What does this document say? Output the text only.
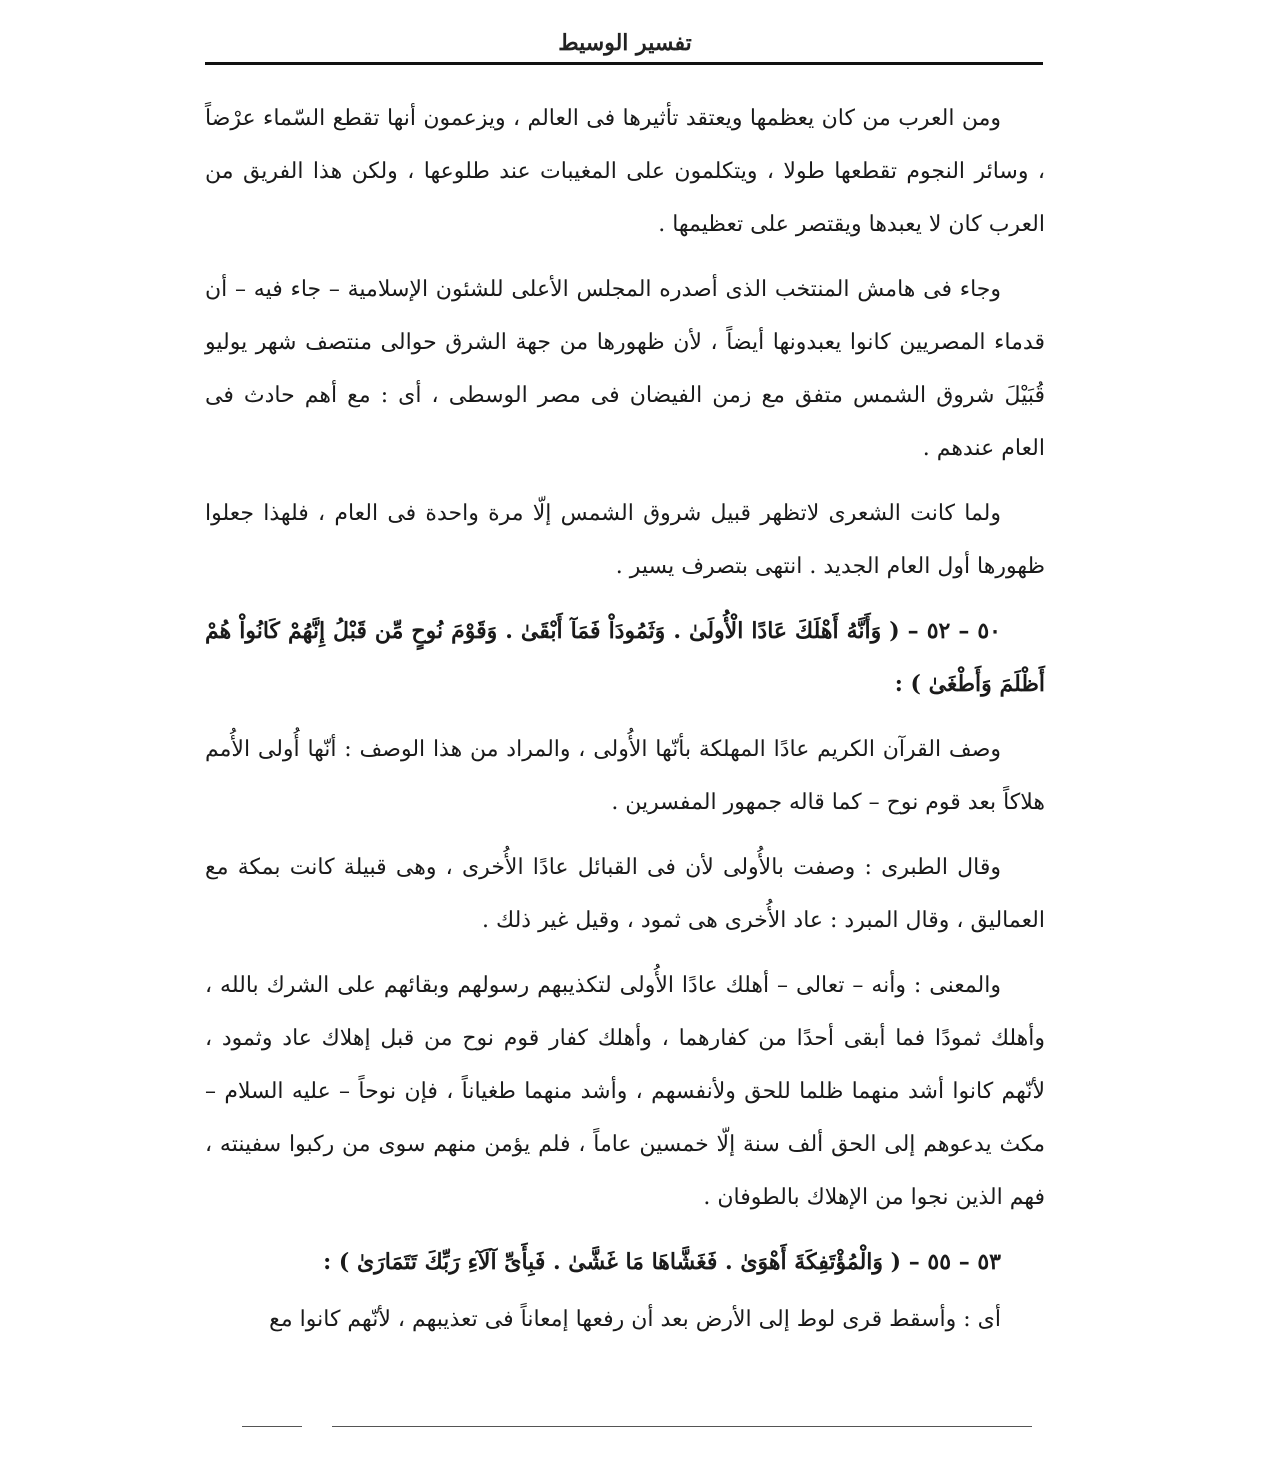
تفسير الوسيط

ومن العرب من كان يعظمها ويعتقد تأثيرها فى العالم ، ويزعمون أنها تقطع السّماء عرْضاً ، وسائر النجوم تقطعها طولا ، ويتكلمون على المغيبات عند طلوعها ، ولكن هذا الفريق من العرب كان لا يعبدها ويقتصر على تعظيمها .

وجاء فى هامش المنتخب الذى أصدره المجلس الأعلى للشئون الإسلامية – جاء فيه – أن قدماء المصريين كانوا يعبدونها أيضاً ، لأن ظهورها من جهة الشرق حوالى منتصف شهر يوليو قُبَيْلَ شروق الشمس متفق مع زمن الفيضان فى مصر الوسطى ، أى : مع أهم حادث فى العام عندهم .

ولما كانت الشعرى لاتظهر قبيل شروق الشمس إلّا مرة واحدة فى العام ، فلهذا جعلوا ظهورها أول العام الجديد . انتهى بتصرف يسير .

٥٠ – ٥٢ – ( وَأَنَّهُ أَهْلَكَ عَادًا الْأُولَىٰ . وَثَمُودَاْ فَمَآ أَبْقَىٰ . وَقَوْمَ نُوحٍ مِّن قَبْلُ إِنَّهُمْ كَانُواْ هُمْ أَظْلَمَ وَأَطْغَىٰ ) :

وصف القرآن الكريم عادًا المهلكة بأنّها الأُولى ، والمراد من هذا الوصف : أنّها أُولى الأُمم هلاكاً بعد قوم نوح – كما قاله جمهور المفسرين .

وقال الطبرى : وصفت بالأُولى لأن فى القبائل عادًا الأُخرى ، وهى قبيلة كانت بمكة مع العماليق ، وقال المبرد : عاد الأُخرى هى ثمود ، وقيل غير ذلك .

والمعنى : وأنه – تعالى – أهلك عادًا الأُولى لتكذيبهم رسولهم وبقائهم على الشرك بالله ، وأهلك ثمودًا فما أبقى أحدًا من كفارهما ، وأهلك كفار قوم نوح من قبل إهلاك عاد وثمود ، لأنّهم كانوا أشد منهما ظلما للحق ولأنفسهم ، وأشد منهما طغياناً ، فإن نوحاً – عليه السلام – مكث يدعوهم إلى الحق ألف سنة إلّا خمسين عاماً ، فلم يؤمن منهم سوى من ركبوا سفينته ، فهم الذين نجوا من الإهلاك بالطوفان .

٥٣ – ٥٥ – ( وَالْمُؤْتَفِكَةَ أَهْوَىٰ . فَغَشَّاهَا مَا غَشَّىٰ . فَبِأَىِّ آلَآءِ رَبِّكَ تَتَمَارَىٰ ) :

أى : وأسقط قرى لوط إلى الأرض بعد أن رفعها إمعاناً فى تعذيبهم ، لأنّهم كانوا مع
